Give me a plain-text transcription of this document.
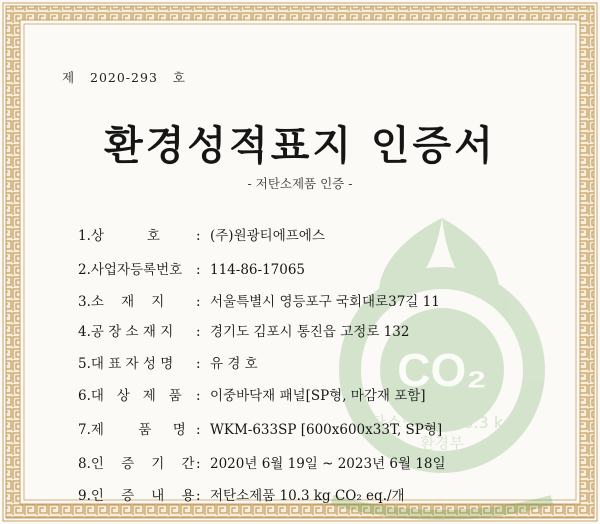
CO₂
탄소발자국 10.3 kg
환경부
제 2020-293 호
환경성적표지 인증서
- 저탄소제품 인증 -
1.상          호	: (주)원광티에프에스
2.사업자등록번호 : 114-86-17065
3.소    재    지 : 서울특별시 영등포구 국회대로37길 11
4.공 장 소 재 지 : 경기도 김포시 통진읍 고정로 132
5.대 표 자 성 명 : 유 경 호
6.대   상   제   품 : 이중바닥재 패널[SP형, 마감재 포함]
7.제        품     명 : WKM-633SP [600x600x33T, SP형]
8.인    증    기    간: 2020년 6월 19일 ~ 2023년 6월 18일
9.인    증    내    용: 저탄소제품 10.3 kg CO₂ eq./개
